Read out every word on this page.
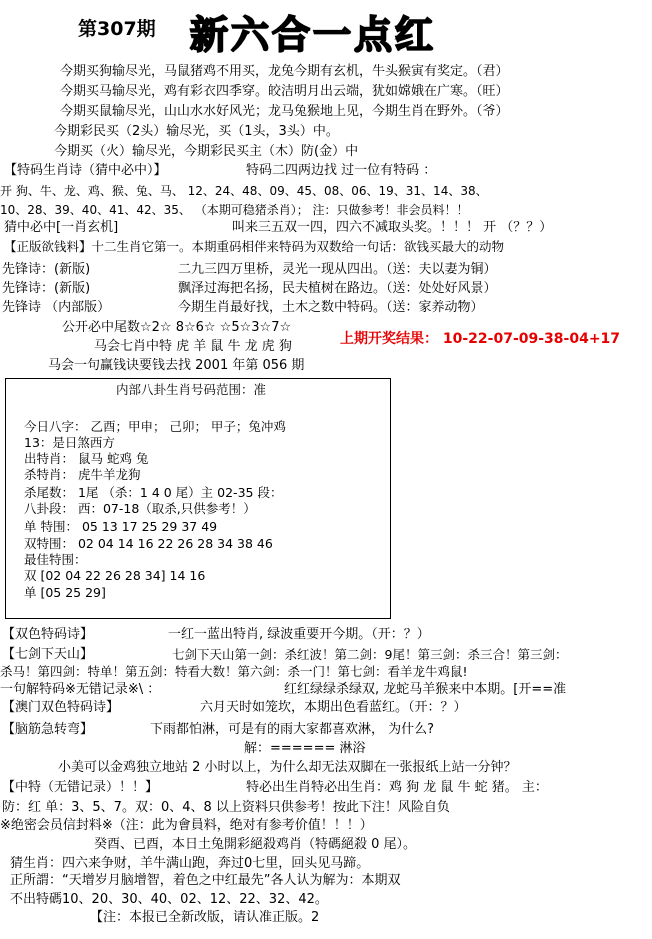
第307期 新六合一点红
今期买狗输尽光，马鼠猪鸡不用买，龙兔今期有玄机，牛头猴寅有奖定。（君）
今期买马输尽光，鸡有彩衣四季穿。皎洁明月出云端，犹如嫦娥在广寒。（旺）
今期买鼠输尽光，山山水水好风光；龙马兔猴地上见，今期生肖在野外。（爷）
今期彩民买（2头）输尽光，买（1头，3头）中。
今期买（火）输尽光，今期彩民买主（木）防(金）中
【特码生肖诗（猜中必中）】	特码二四两边找 过一位有特码 ：
开 狗、牛、龙、鸡、猴、兔、马、 12、24、48、09、45、08、06、19、31、14、38、
10、28、39、40、41、42、35、 （本期可稳猪杀肖）； 注：只做参考！非会员料！！
猜中必中[一肖玄机]	叫来三五双一四，四六不减取头奖。！！！ 开 （？？）
【正版欲钱料】十二生肖它第一。本期重码相伴来特码为双数给一句话：欲钱买最大的动物
先锋诗：(新版)	二九三四万里桥，灵光一现从四出。（送：夫以妻为铜）
先锋诗：(新版)	飘泽过海把名扬，民夫植树在路边。（送：处处好风景）
先锋诗 （内部版）	今期生肖最好找，土木之数中特码。（送：家养动物）
公开必中尾数☆2☆ 8☆6☆ ☆5☆3☆7☆
上期开奖结果： 10-22-07-09-38-04+17
马会七肖中特 虎 羊 鼠 牛 龙 虎 狗
马会一句赢钱诀要钱去找 2001 年第 056 期
内部八卦生肖号码范围：准
今日八字： 乙酉；甲申； 己卯； 甲子；兔冲鸡
13：是日煞西方
出特肖： 鼠马 蛇鸡 兔
杀特肖： 虎牛羊龙狗
杀尾数： 1尾 （杀：1 4 0 尾）主 02-35 段：
八卦段： 西：07-18（取杀,只供参考！）
单 特围： 05 13 17 25 29 37 49
双特围： 02 04 14 16 22 26 28 34 38 46
最佳特围：
双 [02 04 22 26 28 34] 14 16
单 [05 25 29]
【双色特码诗】	一红一蓝出特肖, 绿波重要开今期。（开：？）
【七剑下天山】	七剑下天山第一剑：杀红波！第二剑：9尾！第三剑：杀三合！第三剑：
杀马！第四剑：特单！第五剑：特看大数！第六剑：杀一门！第七剑：看羊龙牛鸡鼠!
一句解特码※无错记录※\ ：	红红绿绿杀绿双, 龙蛇马羊猴来中本期。[开==准
【澳门双色特码诗】	六月天时如笼坎，本期出色看蓝红。（开：？）
【脑筋急转弯】	下雨都怕淋，可是有的雨大家都喜欢淋， 为什么?
解：====== 淋浴
小美可以金鸡独立地站 2 小时以上，为什么却无法双脚在一张报纸上站一分钟？
【中特（无错记录）！！】	特必出生肖特必出生肖：鸡 狗 龙 鼠 牛 蛇 猪。 主：
防：红 单：3、5、7。双：0、4、8 以上资料只供参考！按此下注！风险自负
※绝密会员信封料※（注：此为會員料，绝对有参考价值！！！）
癸酉、已酉，本日土兔開彩絕殺鸡肖（特碼絕殺 0 尾）。
猜生肖：四六来争财，羊牛满山跑，奔过0七里，回头见马蹄。
正所謂：“天增岁月脑增智，着色之中红最先”各人认为解为：本期双
不出特碼10、20、30、40、02、12、22、32、42。
【注：本报已全新改版，请认准正版。2
